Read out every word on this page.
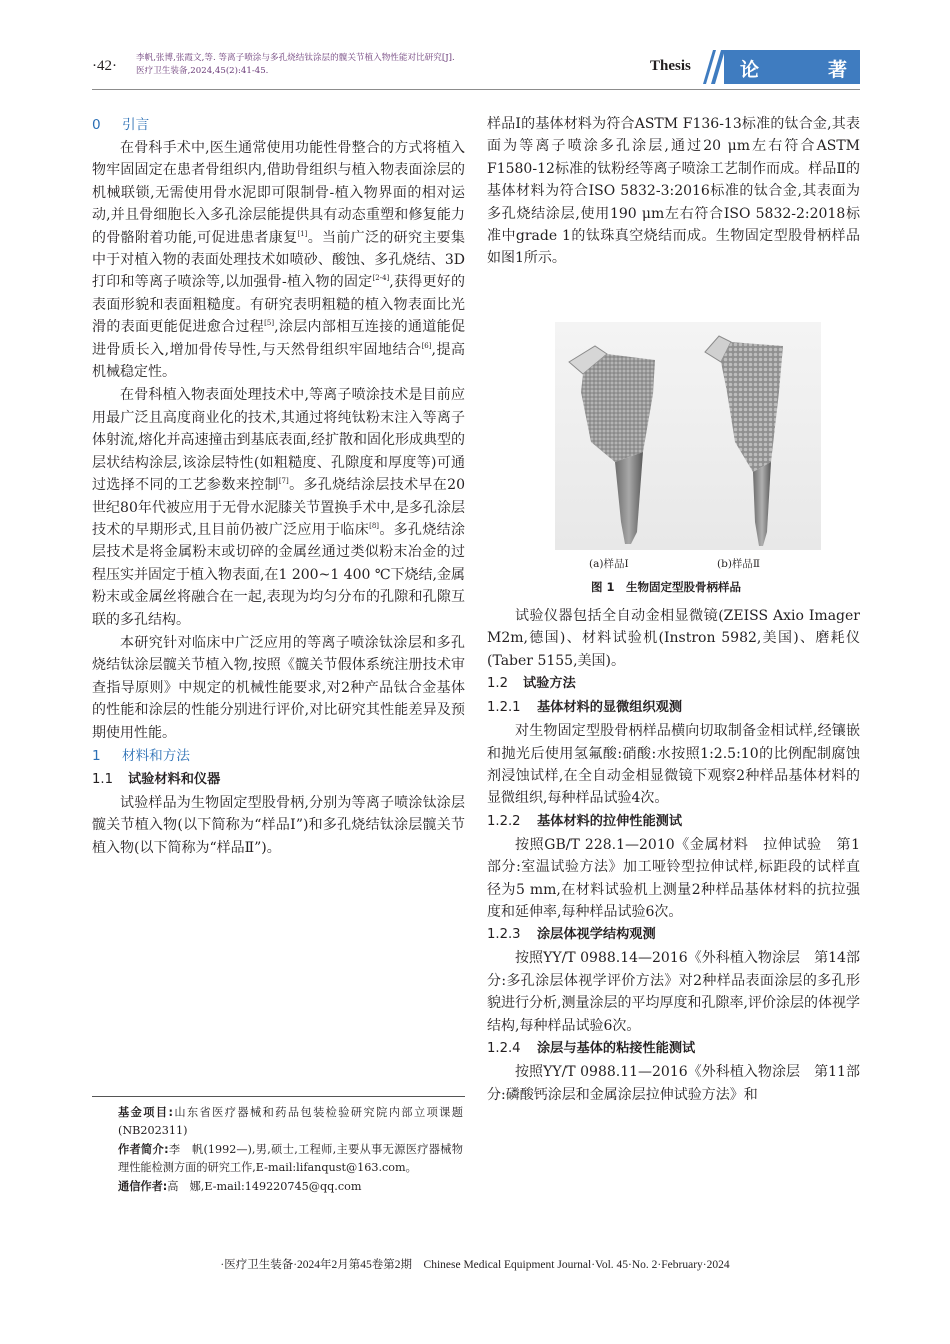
·42· 李帆,张博,张霞文,等. 等离子喷涂与多孔烧结钛涂层的髋关节植入物性能对比研究[J].
医疗卫生装备,2024,45(2):41-45.	Thesis	论	著
0 引言

在骨科手术中,医生通常使用功能性骨整合的方式将植入物牢固固定在患者骨组织内,借助骨组织与植入物表面涂层的机械联锁,无需使用骨水泥即可限制骨-植入物界面的相对运动,并且骨细胞长入多孔涂层能提供具有动态重塑和修复能力的骨骼附着功能,可促进患者康复[1]。当前广泛的研究主要集中于对植入物的表面处理技术如喷砂、酸蚀、多孔烧结、3D打印和等离子喷涂等,以加强骨-植入物的固定[2-4],获得更好的表面形貌和表面粗糙度。有研究表明粗糙的植入物表面比光滑的表面更能促进愈合过程[5],涂层内部相互连接的通道能促进骨质长入,增加骨传导性,与天然骨组织牢固地结合[6],提高机械稳定性。

在骨科植入物表面处理技术中,等离子喷涂技术是目前应用最广泛且高度商业化的技术,其通过将纯钛粉末注入等离子体射流,熔化并高速撞击到基底表面,经扩散和固化形成典型的层状结构涂层,该涂层特性(如粗糙度、孔隙度和厚度等)可通过选择不同的工艺参数来控制[7]。多孔烧结涂层技术早在20世纪80年代被应用于无骨水泥膝关节置换手术中,是多孔涂层技术的早期形式,且目前仍被广泛应用于临床[8]。多孔烧结涂层技术是将金属粉末或切碎的金属丝通过类似粉末冶金的过程压实并固定于植入物表面,在1 200~1 400 ℃下烧结,金属粉末或金属丝将融合在一起,表现为均匀分布的孔隙和孔隙互联的多孔结构。

本研究针对临床中广泛应用的等离子喷涂钛涂层和多孔烧结钛涂层髋关节植入物,按照《髋关节假体系统注册技术审查指导原则》中规定的机械性能要求,对2种产品钛合金基体的性能和涂层的性能分别进行评价,对比研究其性能差异及预期使用性能。

1 材料和方法
1.1 试验材料和仪器

试验样品为生物固定型股骨柄,分别为等离子喷涂钛涂层髋关节植入物(以下简称为“样品Ⅰ”)和多孔烧结钛涂层髋关节植入物(以下简称为“样品Ⅱ”)。

基金项目:山东省医疗器械和药品包装检验研究院内部立项课题(NB202311)

作者简介:李　帆(1992—),男,硕士,工程师,主要从事无源医疗器械物理性能检测方面的研究工作,E-mail:lifanqust@163.com。

通信作者:高　娜,E-mail:149220745@qq.com

样品Ⅰ的基体材料为符合ASTM F136-13标准的钛合金,其表面为等离子喷涂多孔涂层,通过20 μm左右符合ASTM F1580-12标准的钛粉经等离子喷涂工艺制作而成。样品Ⅱ的基体材料为符合ISO 5832-3:2016标准的钛合金,其表面为多孔烧结涂层,使用190 μm左右符合ISO 5832-2:2018标准中grade 1的钛珠真空烧结而成。生物固定型股骨柄样品如图1所示。

(a)样品Ⅰ	(b)样品Ⅱ
图 1　生物固定型股骨柄样品

试验仪器包括全自动金相显微镜(ZEISS Axio Imager M2m,德国)、材料试验机(Instron 5982,美国)、磨耗仪(Taber 5155,美国)。

1.2 试验方法
1.2.1 基体材料的显微组织观测

对生物固定型股骨柄样品横向切取制备金相试样,经镶嵌和抛光后使用氢氟酸:硝酸:水按照1:2.5:10的比例配制腐蚀剂浸蚀试样,在全自动金相显微镜下观察2种样品基体材料的显微组织,每种样品试验4次。

1.2.2 基体材料的拉伸性能测试

按照GB/T 228.1—2010《金属材料　拉伸试验　第1部分:室温试验方法》加工哑铃型拉伸试样,标距段的试样直径为5 mm,在材料试验机上测量2种样品基体材料的抗拉强度和延伸率,每种样品试验6次。

1.2.3 涂层体视学结构观测

按照YY/T 0988.14—2016《外科植入物涂层　第14部分:多孔涂层体视学评价方法》对2种样品表面涂层的多孔形貌进行分析,测量涂层的平均厚度和孔隙率,评价涂层的体视学结构,每种样品试验6次。

1.2.4 涂层与基体的粘接性能测试

按照YY/T 0988.11—2016《外科植入物涂层　第11部分:磷酸钙涂层和金属涂层拉伸试验方法》和

·医疗卫生装备·2024年2月第45卷第2期　Chinese Medical Equipment Journal·Vol. 45·No. 2·February·2024
